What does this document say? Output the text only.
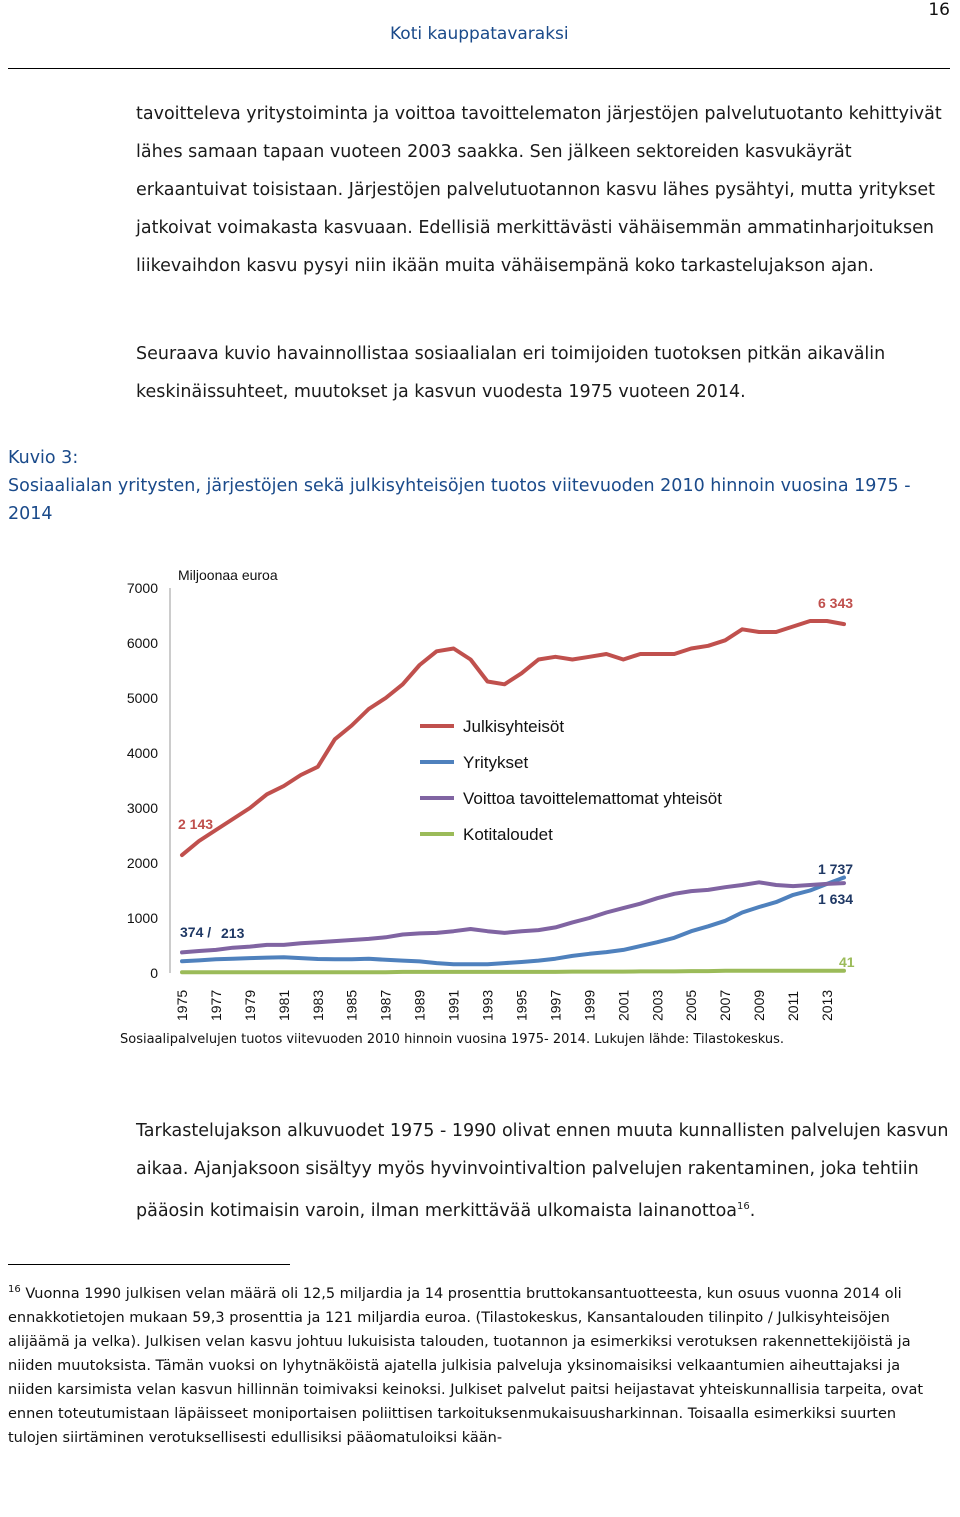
16
Koti kauppatavaraksi
tavoitteleva yritystoiminta ja voittoa tavoittelematon järjestöjen palvelutuotanto kehittyivät lähes samaan tapaan vuoteen 2003 saakka. Sen jälkeen sektoreiden kasvukäyrät erkaantuivat toisistaan. Järjestöjen palvelutuotannon kasvu lähes pysähtyi, mutta yritykset jatkoivat voimakasta kasvuaan. Edellisiä merkittävästi vähäisemmän ammatinharjoituksen liikevaihdon kasvu pysyi niin ikään muita vähäisempänä koko tarkastelujakson ajan.
Seuraava kuvio havainnollistaa sosiaalialan eri toimijoiden tuotoksen pitkän aikavälin keskinäissuhteet, muutokset ja kasvun vuodesta 1975 vuoteen 2014.
Kuvio 3:
Sosiaalialan yritysten, järjestöjen sekä julkisyhteisöjen tuotos viitevuoden 2010 hinnoin vuosina 1975 - 2014
0
1000
2000
3000
4000
5000
6000
7000
Miljoonaa euroa
1975 1977 1979 1981 1983 1985 1987 1989 1991 1993 1995 1997 1999 2001 2003 2005 2007 2009 2011 2013
Julkisyhteisöt
Yritykset
Voittoa tavoittelemattomat yhteisöt
Kotitaloudet
2 143
6 343
374 / 213
1 737
1 634
41
Sosiaalipalvelujen tuotos viitevuoden 2010 hinnoin vuosina 1975- 2014. Lukujen lähde: Tilastokeskus.
Tarkastelujakson alkuvuodet 1975 - 1990 olivat ennen muuta kunnallisten palvelujen kasvun aikaa. Ajanjaksoon sisältyy myös hyvinvointivaltion palvelujen rakentaminen, joka tehtiin pääosin kotimaisin varoin, ilman merkittävää ulkomaista lainanottoa$^{16}$.
$^{16}$ Vuonna 1990 julkisen velan määrä oli 12,5 miljardia ja 14 prosenttia bruttokansantuotteesta, kun osuus vuonna 2014 oli ennakkotietojen mukaan 59,3 prosenttia ja 121 miljardia euroa. (Tilastokeskus, Kansantalouden tilinpito / Julkisyhteisöjen alijäämä ja velka). Julkisen velan kasvu johtuu lukuisista talouden, tuotannon ja esimerkiksi verotuksen rakennettekijöistä ja niiden muutoksista. Tämän vuoksi on lyhytnäköistä ajatella julkisia palveluja yksinomaisiksi velkaantumien aiheuttajaksi ja niiden karsimista velan kasvun hillinnän toimivaksi keinoksi. Julkiset palvelut paitsi heijastavat yhteiskunnallisia tarpeita, ovat ennen toteutumistaan läpäisseet moniportaisen poliittisen tarkoituksenmukaisuusharkinnan. Toisaalla esimerkiksi suurten tulojen siirtäminen verotuksellisesti edullisiksi pääomatuloiksi kään-
